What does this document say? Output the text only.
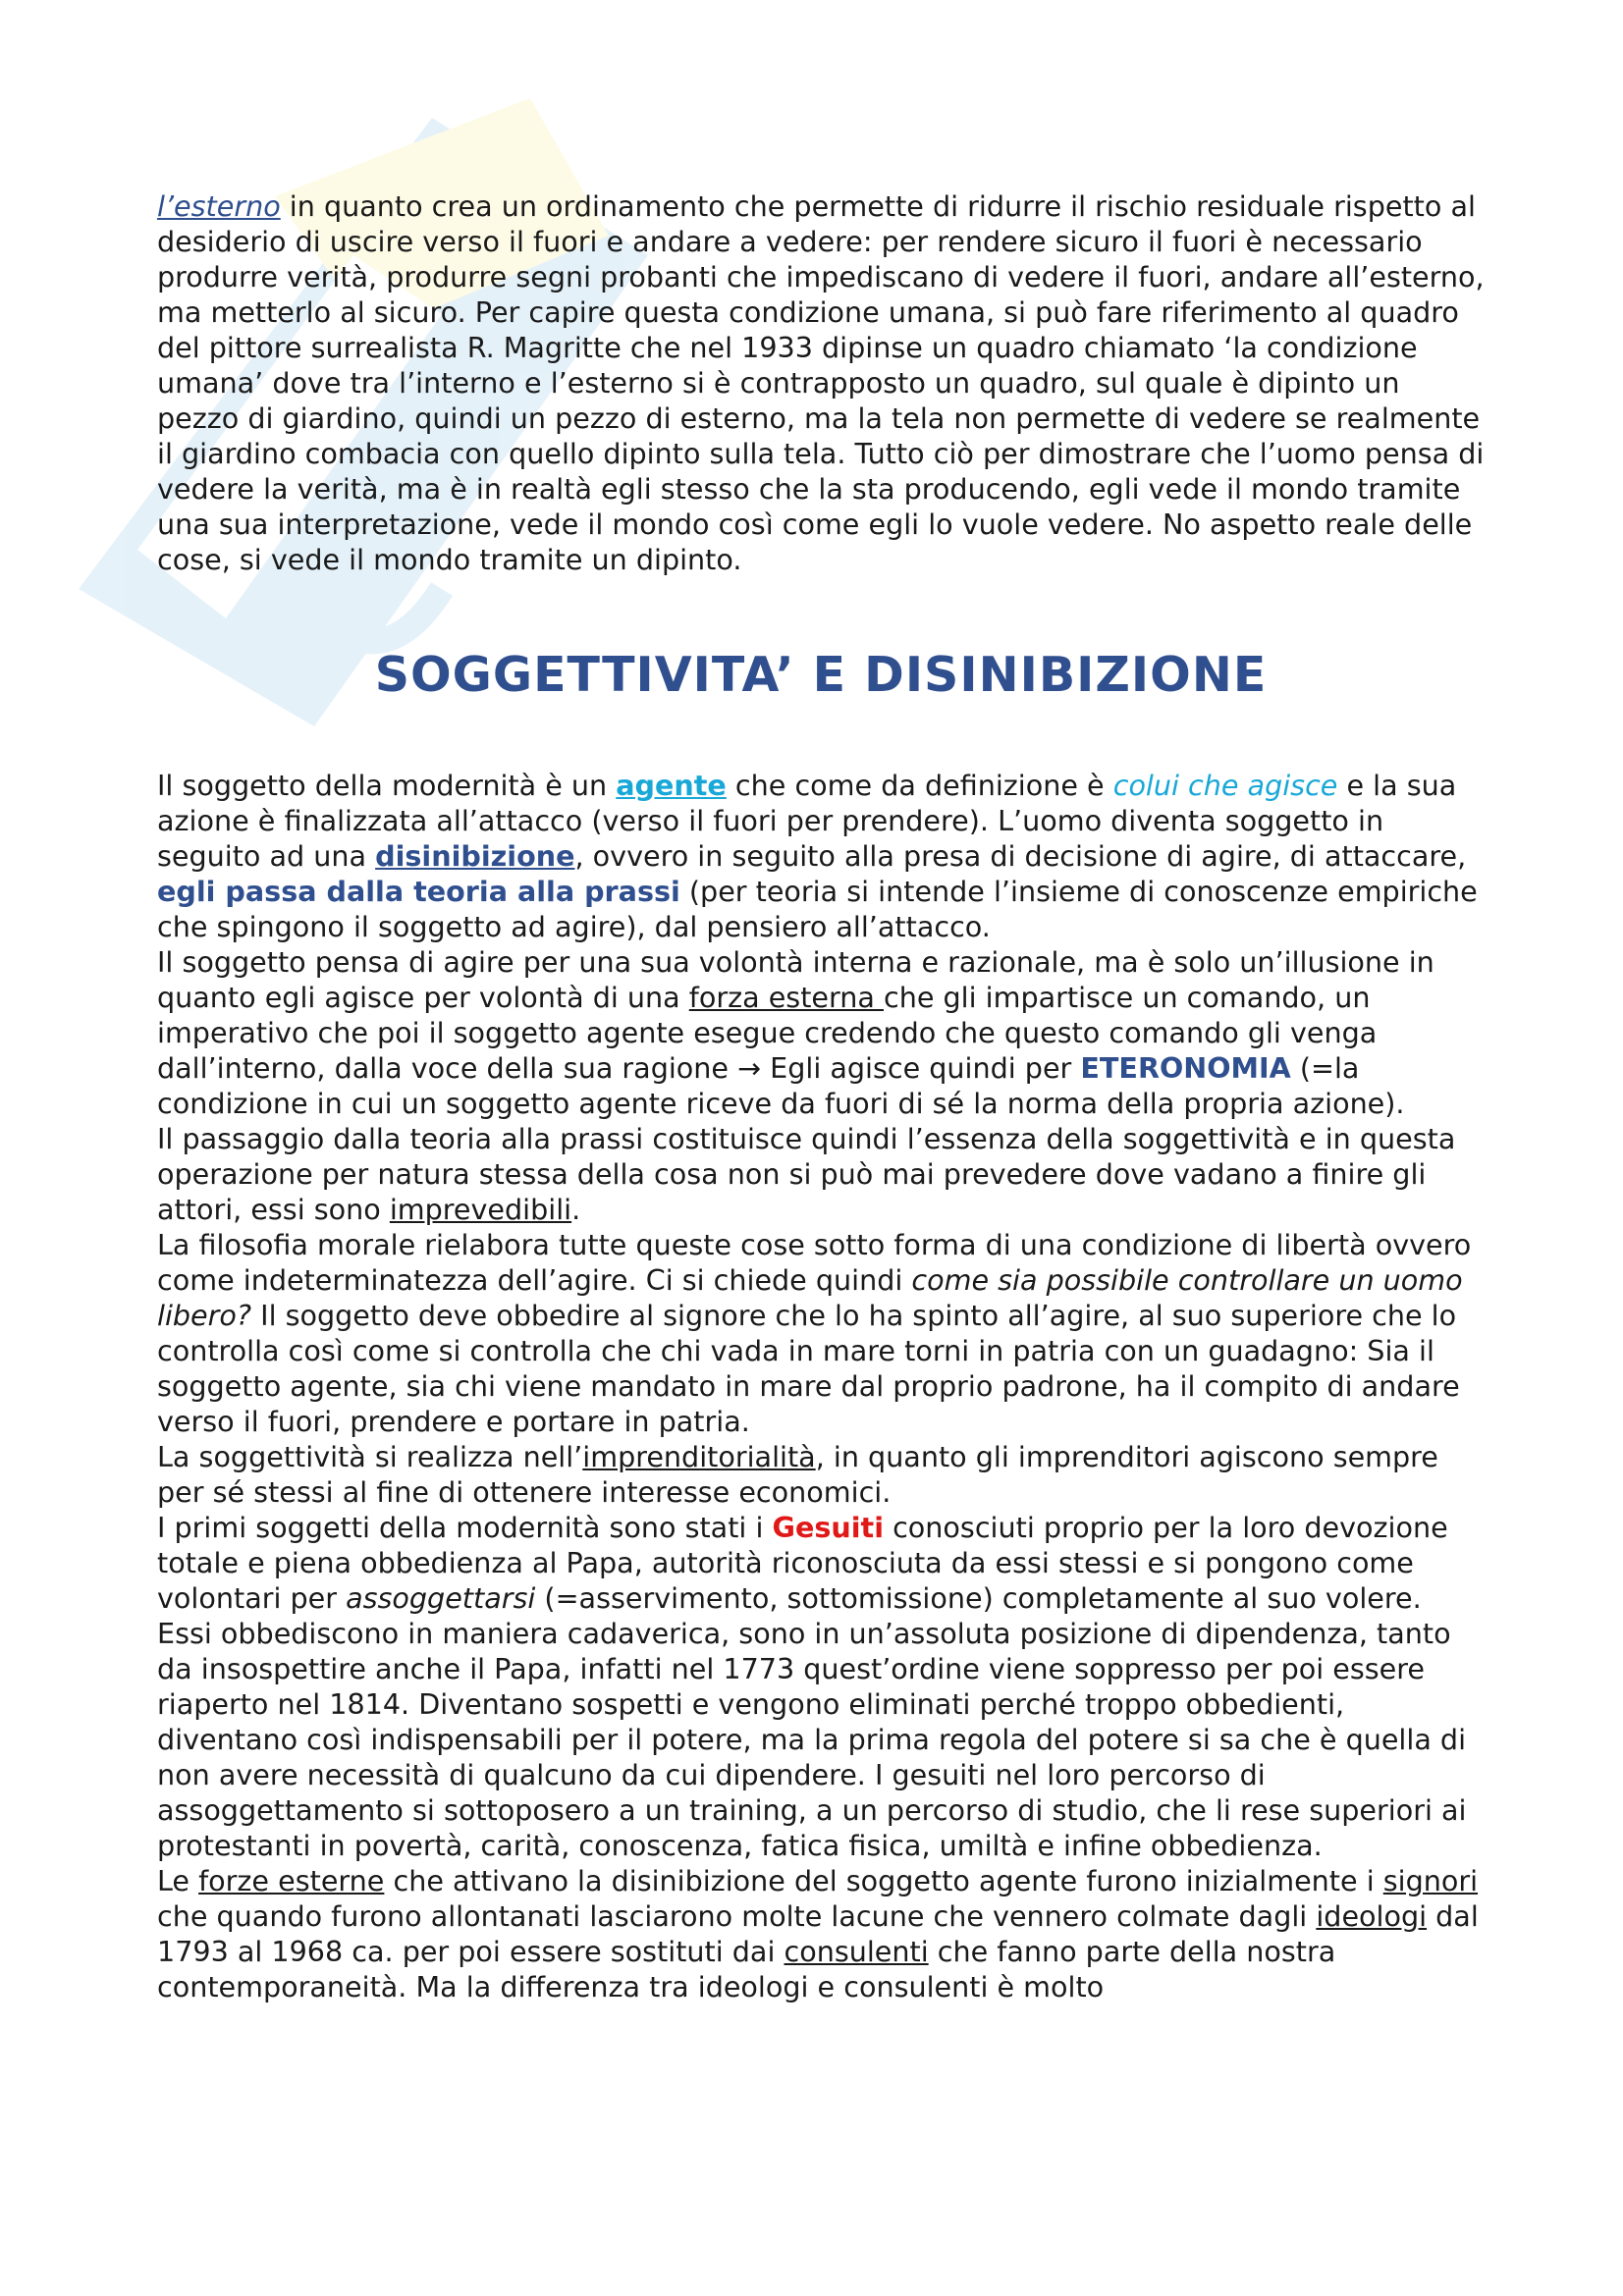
l’esterno in quanto crea un ordinamento che permette di ridurre il rischio residuale rispetto al desiderio di uscire verso il fuori e andare a vedere: per rendere sicuro il fuori è necessario produrre verità, produrre segni probanti che impediscano di vedere il fuori, andare all’esterno, ma metterlo al sicuro. Per capire questa condizione umana, si può fare riferimento al quadro del pittore surrealista R. Magritte che nel 1933 dipinse un quadro chiamato ‘la condizione umana’ dove tra l’interno e l’esterno si è contrapposto un quadro, sul quale è dipinto un pezzo di giardino, quindi un pezzo di esterno, ma la tela non permette di vedere se realmente il giardino combacia con quello dipinto sulla tela. Tutto ciò per dimostrare che l’uomo pensa di vedere la verità, ma è in realtà egli stesso che la sta producendo, egli vede il mondo tramite una sua interpretazione, vede il mondo così come egli lo vuole vedere. No aspetto reale delle cose, si vede il mondo tramite un dipinto.

SOGGETTIVITA’ E DISINIBIZIONE

Il soggetto della modernità è un agente che come da definizione è colui che agisce e la sua azione è finalizzata all’attacco (verso il fuori per prendere). L’uomo diventa soggetto in seguito ad una disinibizione, ovvero in seguito alla presa di decisione di agire, di attaccare, egli passa dalla teoria alla prassi (per teoria si intende l’insieme di conoscenze empiriche che spingono il soggetto ad agire), dal pensiero all’attacco.

Il soggetto pensa di agire per una sua volontà interna e razionale, ma è solo un’illusione in quanto egli agisce per volontà di una forza esterna che gli impartisce un comando, un imperativo che poi il soggetto agente esegue credendo che questo comando gli venga dall’interno, dalla voce della sua ragione → Egli agisce quindi per ETERONOMIA (=la condizione in cui un soggetto agente riceve da fuori di sé la norma della propria azione).

Il passaggio dalla teoria alla prassi costituisce quindi l’essenza della soggettività e in questa operazione per natura stessa della cosa non si può mai prevedere dove vadano a finire gli attori, essi sono imprevedibili.

La filosofia morale rielabora tutte queste cose sotto forma di una condizione di libertà ovvero come indeterminatezza dell’agire. Ci si chiede quindi come sia possibile controllare un uomo libero? Il soggetto deve obbedire al signore che lo ha spinto all’agire, al suo superiore che lo controlla così come si controlla che chi vada in mare torni in patria con un guadagno: Sia il soggetto agente, sia chi viene mandato in mare dal proprio padrone, ha il compito di andare verso il fuori, prendere e portare in patria.

La soggettività si realizza nell’imprenditorialità, in quanto gli imprenditori agiscono sempre per sé stessi al fine di ottenere interesse economici.

I primi soggetti della modernità sono stati i Gesuiti conosciuti proprio per la loro devozione totale e piena obbedienza al Papa, autorità riconosciuta da essi stessi e si pongono come volontari per assoggettarsi (=asservimento, sottomissione) completamente al suo volere. Essi obbediscono in maniera cadaverica, sono in un’assoluta posizione di dipendenza, tanto da insospettire anche il Papa, infatti nel 1773 quest’ordine viene soppresso per poi essere riaperto nel 1814. Diventano sospetti e vengono eliminati perché troppo obbedienti, diventano così indispensabili per il potere, ma la prima regola del potere si sa che è quella di non avere necessità di qualcuno da cui dipendere. I gesuiti nel loro percorso di assoggettamento si sottoposero a un training, a un percorso di studio, che li rese superiori ai protestanti in povertà, carità, conoscenza, fatica fisica, umiltà e infine obbedienza.

Le forze esterne che attivano la disinibizione del soggetto agente furono inizialmente i signori che quando furono allontanati lasciarono molte lacune che vennero colmate dagli ideologi dal 1793 al 1968 ca. per poi essere sostituti dai consulenti che fanno parte della nostra contemporaneità. Ma la differenza tra ideologi e consulenti è molto
